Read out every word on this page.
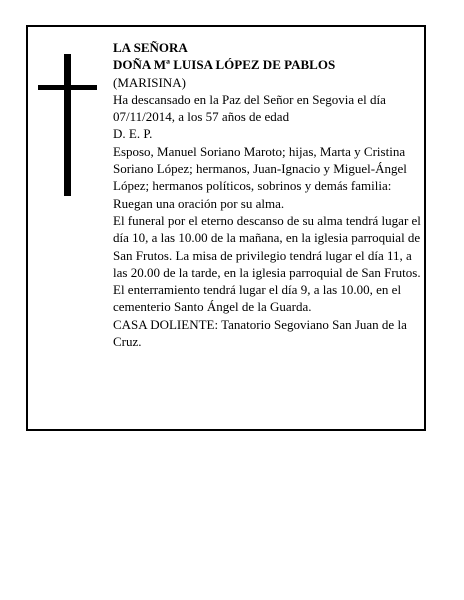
LA SEÑORA
DOÑA Mª LUISA LÓPEZ DE PABLOS
(MARISINA)
Ha descansado en la Paz del Señor en Segovia el día 07/11/2014, a los 57 años de edad
D. E. P.
Esposo, Manuel Soriano Maroto; hijas, Marta y Cristina Soriano López; hermanos, Juan-Ignacio y Miguel-Ángel López; hermanos políticos, sobrinos y demás familia:
Ruegan una oración por su alma.
El funeral por el eterno descanso de su alma tendrá lugar el día 10, a las 10.00 de la mañana, en la iglesia parroquial de San Frutos. La misa de privilegio tendrá lugar el día 11, a las 20.00 de la tarde, en la iglesia parroquial de San Frutos.
El enterramiento tendrá lugar el día 9, a las 10.00, en el cementerio Santo Ángel de la Guarda.
CASA DOLIENTE: Tanatorio Segoviano San Juan de la Cruz.
